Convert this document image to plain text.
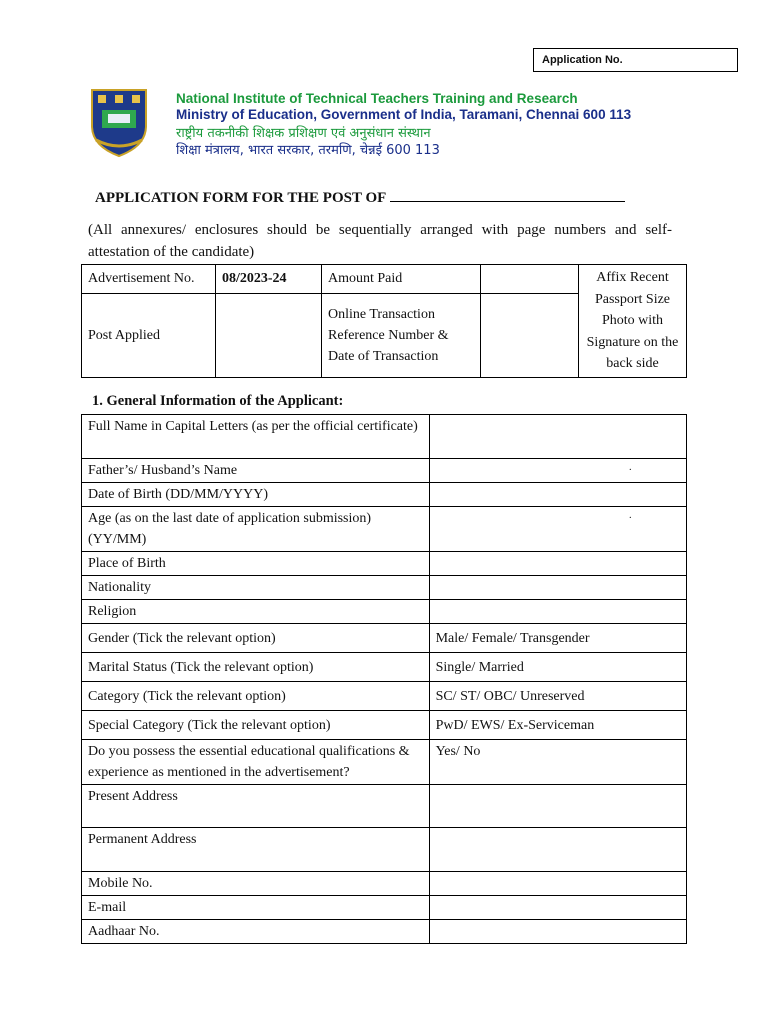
Application No.
National Institute of Technical Teachers Training and Research
Ministry of Education, Government of India, Taramani, Chennai 600 113
राष्ट्रीय तकनीकी शिक्षक प्रशिक्षण एवं अनुसंधान संस्थान
शिक्षा मंत्रालय, भारत सरकार, तरमणि, चेन्नई 600 113
APPLICATION FORM FOR THE POST OF
(All annexures/ enclosures should be sequentially arranged with page numbers and self-attestation of the candidate)
Advertisement No.	08/2023-24	Amount Paid		Affix Recent Passport Size Photo with Signature on the back side
Post Applied		Online Transaction Reference Number & Date of Transaction		
1. General Information of the Applicant:
Full Name in Capital Letters (as per the official certificate)	
Father’s/ Husband’s Name	·

Date of Birth (DD/MM/YYYY)	
Age (as on the last date of application submission) (YY/MM)	·

Place of Birth	
Nationality	
Religion	
Gender (Tick the relevant option)	Male/ Female/ Transgender
Marital Status (Tick the relevant option)	Single/ Married
Category (Tick the relevant option)	SC/ ST/ OBC/ Unreserved
Special Category (Tick the relevant option)	PwD/ EWS/ Ex-Serviceman
Do you possess the essential educational qualifications & experience as mentioned in the advertisement?	Yes/ No
Present Address	
Permanent Address	
Mobile No.	
E-mail	
Aadhaar No.	
